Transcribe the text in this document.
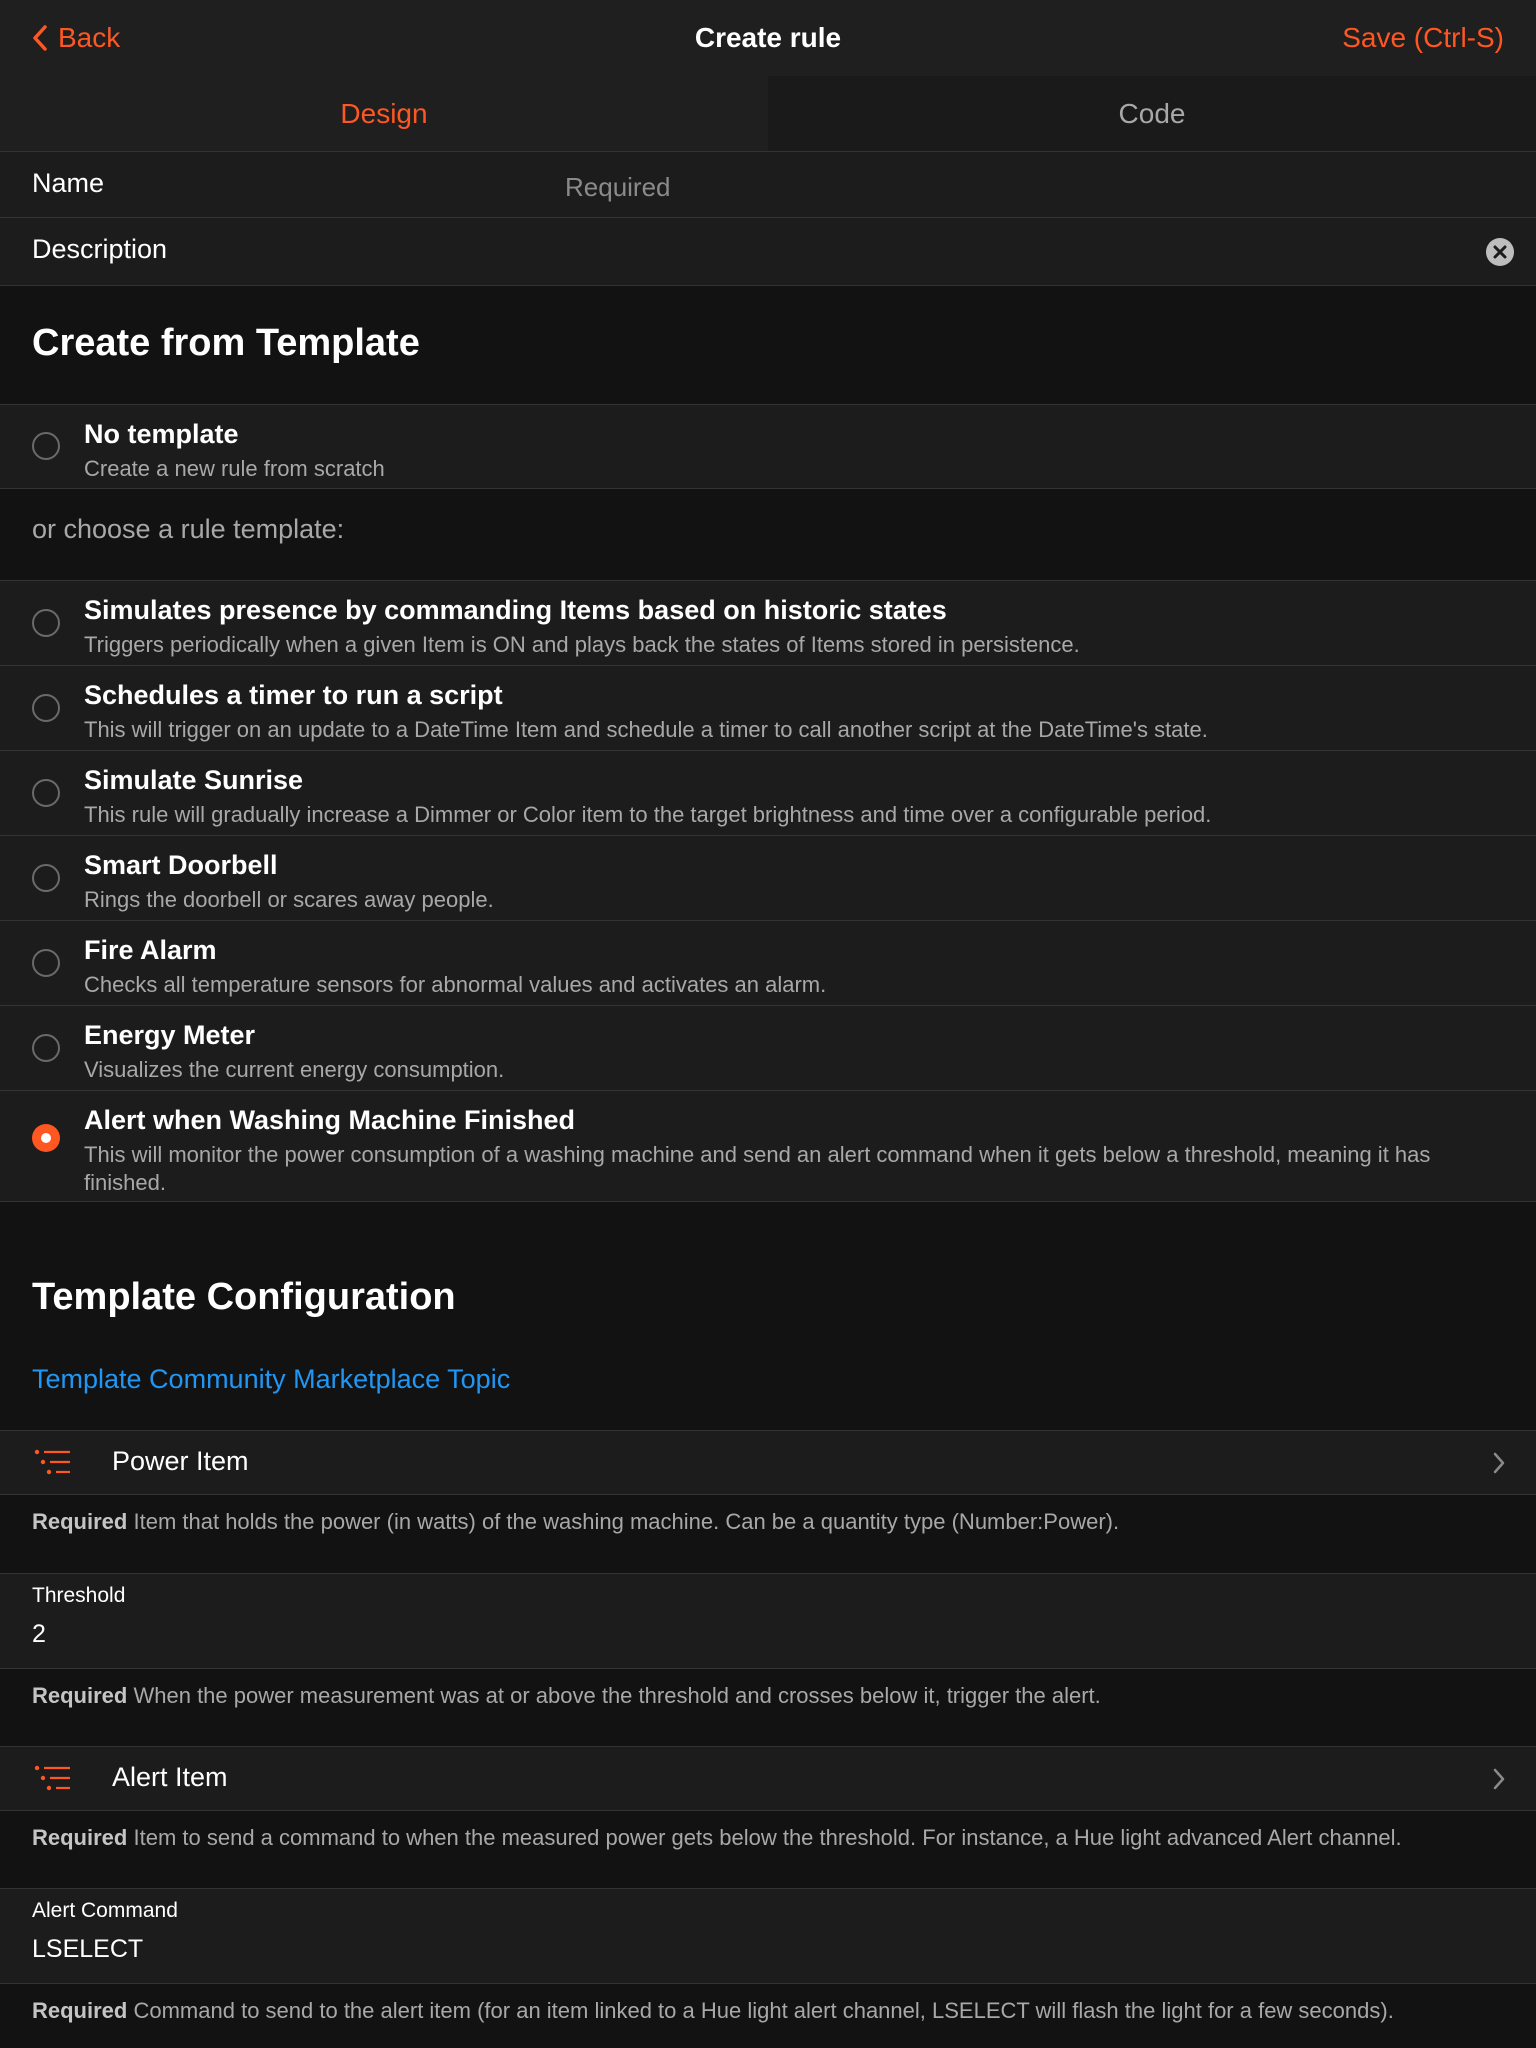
Back	Create rule	Save (Ctrl-S)
Design	Code
Name
Required
Description
Create from Template
No template
Create a new rule from scratch
or choose a rule template:
Simulates presence by commanding Items based on historic states
Triggers periodically when a given Item is ON and plays back the states of Items stored in persistence.
Schedules a timer to run a script
This will trigger on an update to a DateTime Item and schedule a timer to call another script at the DateTime's state.
Simulate Sunrise
This rule will gradually increase a Dimmer or Color item to the target brightness and time over a configurable period.
Smart Doorbell
Rings the doorbell or scares away people.
Fire Alarm
Checks all temperature sensors for abnormal values and activates an alarm.
Energy Meter
Visualizes the current energy consumption.
Alert when Washing Machine Finished
This will monitor the power consumption of a washing machine and send an alert command when it gets below a threshold, meaning it has finished.
Template Configuration
Template Community Marketplace Topic
Power Item
Required Item that holds the power (in watts) of the washing machine. Can be a quantity type (Number:Power).
Threshold
2
Required When the power measurement was at or above the threshold and crosses below it, trigger the alert.
Alert Item
Required Item to send a command to when the measured power gets below the threshold. For instance, a Hue light advanced Alert channel.
Alert Command
LSELECT
Required Command to send to the alert item (for an item linked to a Hue light alert channel, LSELECT will flash the light for a few seconds).
